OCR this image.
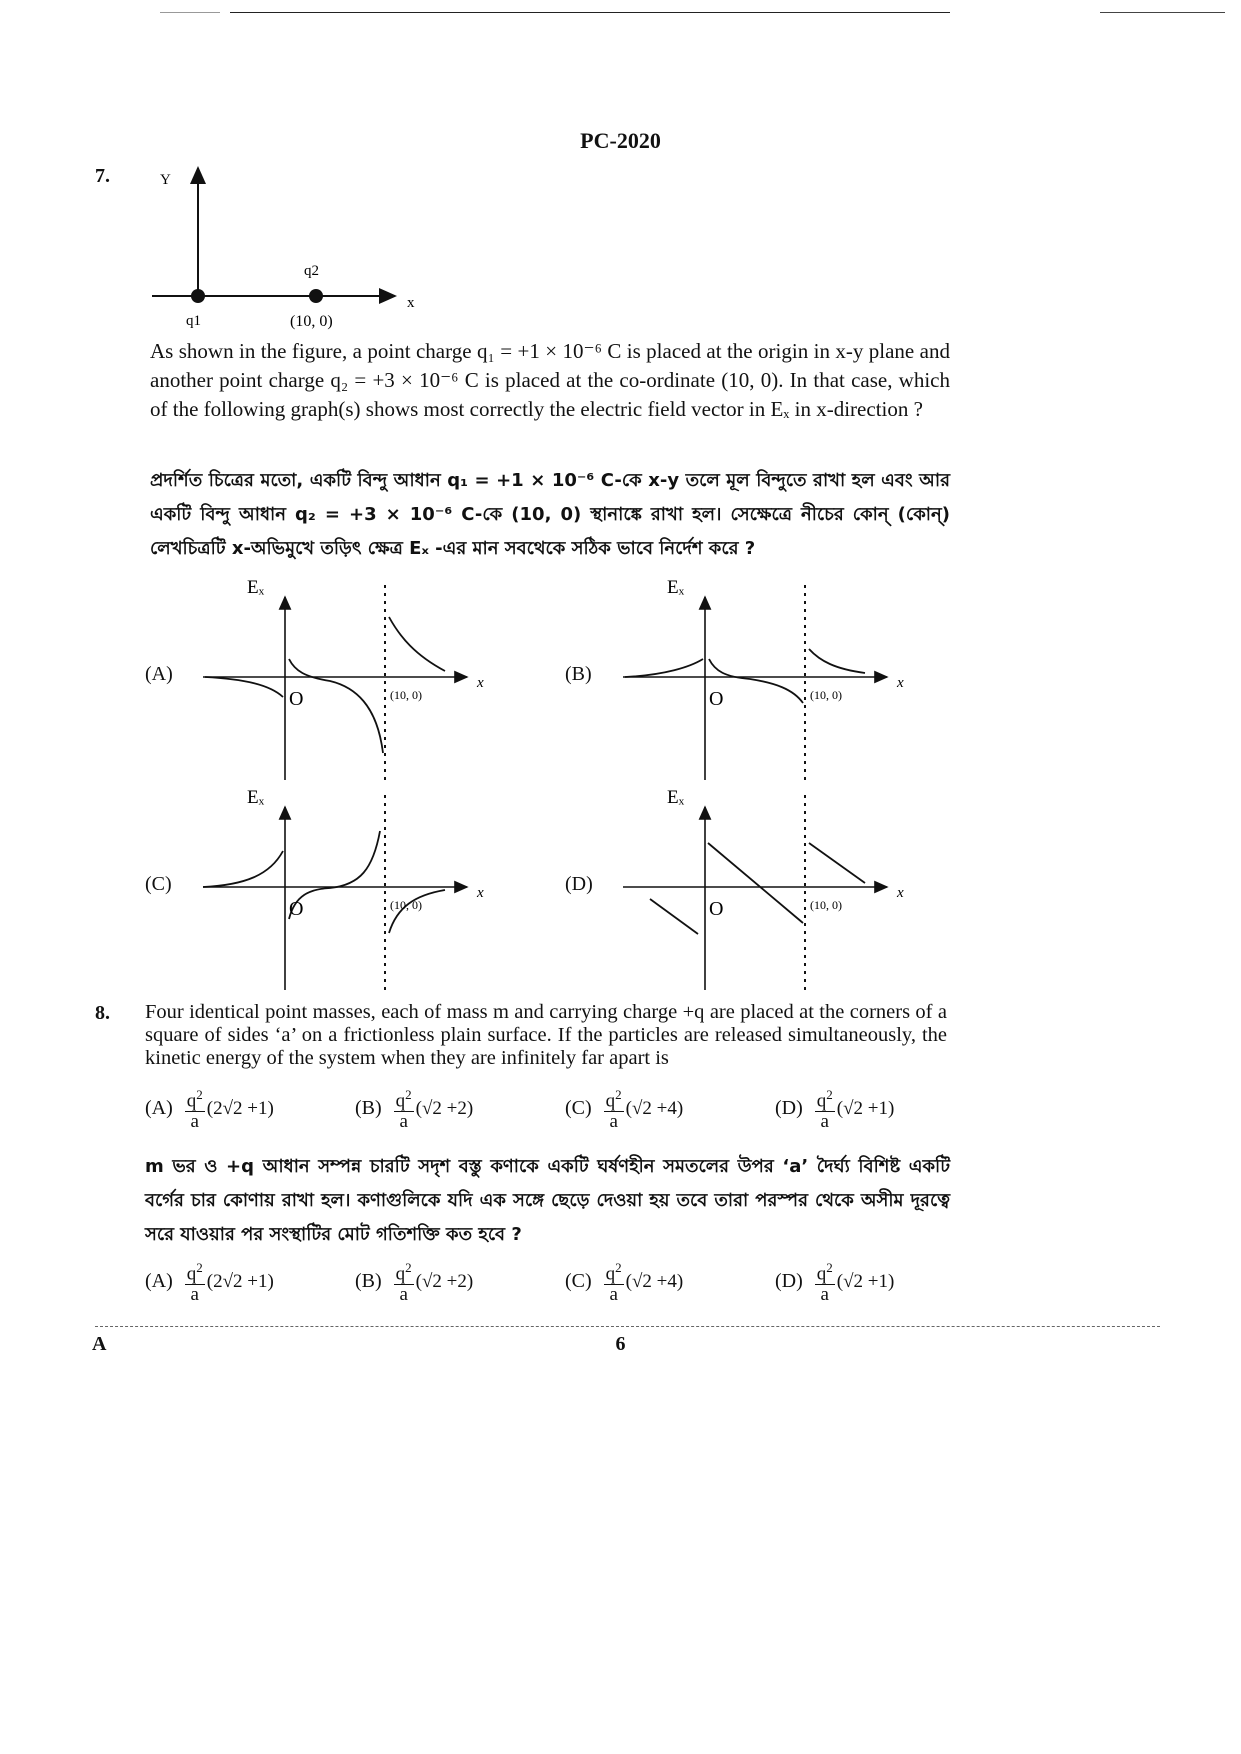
PC-2020
7.	Y
x
q2
q1	(10, 0)
As shown in the figure, a point charge q₁ = +1 × 10⁻⁶ C is placed at the origin in x-y plane and another point charge q₂ = +3 × 10⁻⁶ C is placed at the co-ordinate (10, 0). In that case, which of the following graph(s) shows most correctly the electric field vector in Eₓ in x-direction ?
প্রদর্শিত চিত্রের মতো, একটি বিন্দু আধান q₁ = +1 × 10⁻⁶ C-কে x-y তলে মূল বিন্দুতে রাখা হল এবং আর একটি বিন্দু আধান q₂ = +3 × 10⁻⁶ C-কে (10, 0) স্থানাঙ্কে রাখা হল। সেক্ষেত্রে নীচের কোন্ (কোন্) লেখচিত্রটি x-অভিমুখে তড়িৎ ক্ষেত্র Eₓ -এর মান সবথেকে সঠিক ভাবে নির্দেশ করে ?
(A)
Eₓ
x
O	(10, 0)
(B)
Eₓ
x
O	(10, 0)
(C)
Eₓ
x
O	(10, 0)
(D)
Eₓ
x
O	(10, 0)
8. Four identical point masses, each of mass m and carrying charge +q are placed at the corners of a square of sides ‘a’ on a frictionless plain surface. If the particles are released simultaneously, the kinetic energy of the system when they are infinitely far apart is
$(A) \frac{q^2}{a} (2√2 +1)$	$(B) \frac{q^2}{a} (√2 +2)$	$(C) \frac{q^2}{a} (√2 +4)$	$(D) \frac{q^2}{a} (√2 +1)$
m ভর ও +q আধান সম্পন্ন চারটি সদৃশ বস্তু কণাকে একটি ঘর্ষণহীন সমতলের উপর ‘a’ দৈর্ঘ্য বিশিষ্ট একটি বর্গের চার কোণায় রাখা হল। কণাগুলিকে যদি এক সঙ্গে ছেড়ে দেওয়া হয় তবে তারা পরস্পর থেকে অসীম দূরত্বে সরে যাওয়ার পর সংস্থাটির মোট গতিশক্তি কত হবে ?
$(A) \frac{q^2}{a} (2√2 +1)$	$(B) \frac{q^2}{a} (√2 +2)$	$(C) \frac{q^2}{a} (√2 +4)$	$(D) \frac{q^2}{a} (√2 +1)$
A	6
